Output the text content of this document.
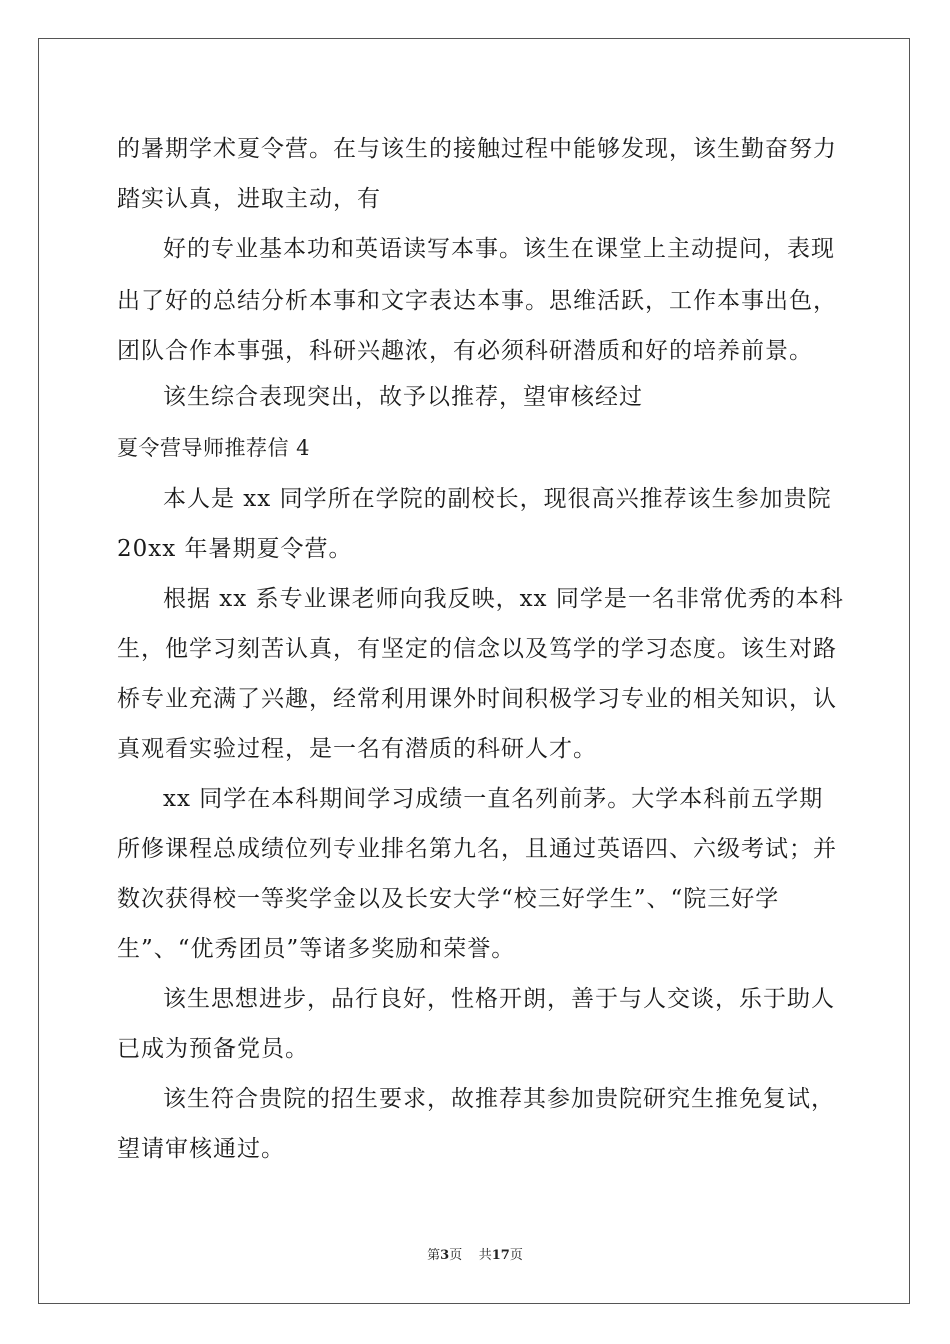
的暑期学术夏令营。在与该生的接触过程中能够发现，该生勤奋努力
踏实认真，进取主动，有
好的专业基本功和英语读写本事。该生在课堂上主动提问，表现
出了好的总结分析本事和文字表达本事。思维活跃，工作本事出色，
团队合作本事强，科研兴趣浓，有必须科研潜质和好的培养前景。
该生综合表现突出，故予以推荐，望审核经过
夏令营导师推荐信 4
本人是 xx 同学所在学院的副校长，现很高兴推荐该生参加贵院
20xx 年暑期夏令营。
根据 xx 系专业课老师向我反映，xx 同学是一名非常优秀的本科
生，他学习刻苦认真，有坚定的信念以及笃学的学习态度。该生对路
桥专业充满了兴趣，经常利用课外时间积极学习专业的相关知识，认
真观看实验过程，是一名有潜质的科研人才。
xx 同学在本科期间学习成绩一直名列前茅。大学本科前五学期
所修课程总成绩位列专业排名第九名，且通过英语四、六级考试；并
数次获得校一等奖学金以及长安大学“校三好学生”、“院三好学
生”、“优秀团员”等诸多奖励和荣誉。
该生思想进步，品行良好，性格开朗，善于与人交谈，乐于助人
已成为预备党员。
该生符合贵院的招生要求，故推荐其参加贵院研究生推免复试，
望请审核通过。
第3页 共17页
